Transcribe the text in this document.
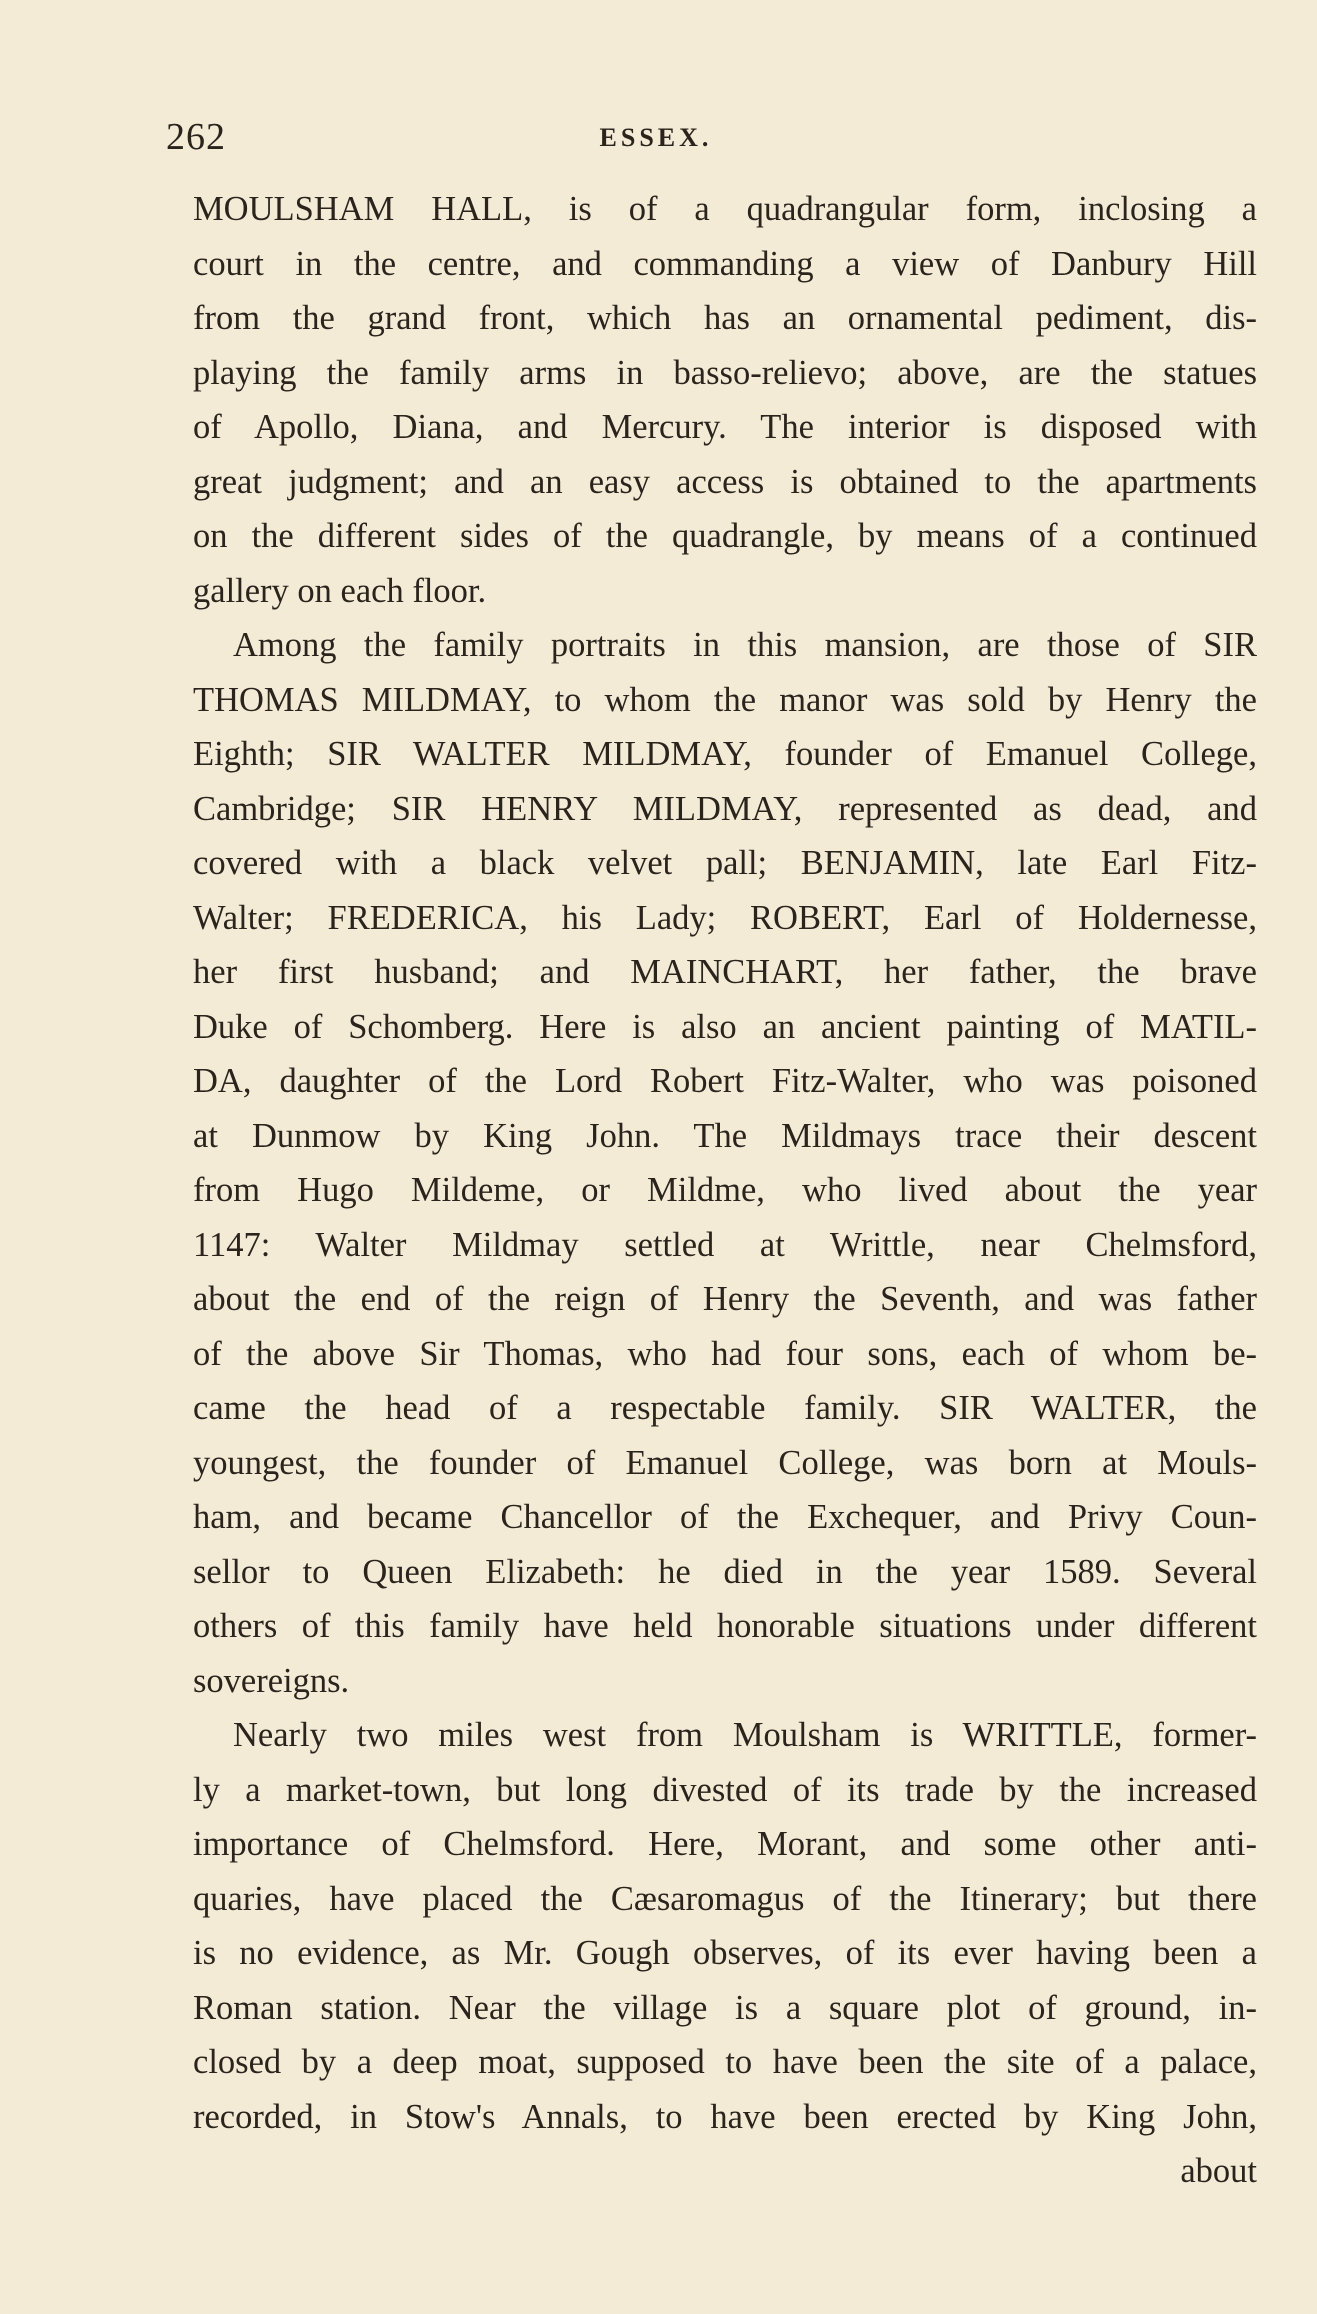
262	ESSEX.
MOULSHAM HALL, is of a quadrangular form, inclosing a
court in the centre, and commanding a view of Danbury Hill
from the grand front, which has an ornamental pediment, dis-
playing the family arms in basso-relievo; above, are the statues
of Apollo, Diana, and Mercury. The interior is disposed with
great judgment; and an easy access is obtained to the apartments
on the different sides of the quadrangle, by means of a continued
gallery on each floor.
Among the family portraits in this mansion, are those of SIR
THOMAS MILDMAY, to whom the manor was sold by Henry the
Eighth; SIR WALTER MILDMAY, founder of Emanuel College,
Cambridge; SIR HENRY MILDMAY, represented as dead, and
covered with a black velvet pall; BENJAMIN, late Earl Fitz-
Walter; FREDERICA, his Lady; ROBERT, Earl of Holdernesse,
her first husband; and MAINCHART, her father, the brave
Duke of Schomberg. Here is also an ancient painting of MATIL-
DA, daughter of the Lord Robert Fitz-Walter, who was poisoned
at Dunmow by King John. The Mildmays trace their descent
from Hugo Mildeme, or Mildme, who lived about the year
1147: Walter Mildmay settled at Writtle, near Chelmsford,
about the end of the reign of Henry the Seventh, and was father
of the above Sir Thomas, who had four sons, each of whom be-
came the head of a respectable family. SIR WALTER, the
youngest, the founder of Emanuel College, was born at Mouls-
ham, and became Chancellor of the Exchequer, and Privy Coun-
sellor to Queen Elizabeth: he died in the year 1589. Several
others of this family have held honorable situations under different
sovereigns.
Nearly two miles west from Moulsham is WRITTLE, former-
ly a market-town, but long divested of its trade by the increased
importance of Chelmsford. Here, Morant, and some other anti-
quaries, have placed the Cæsaromagus of the Itinerary; but there
is no evidence, as Mr. Gough observes, of its ever having been a
Roman station. Near the village is a square plot of ground, in-
closed by a deep moat, supposed to have been the site of a palace,
recorded, in Stow's Annals, to have been erected by King John,
about
